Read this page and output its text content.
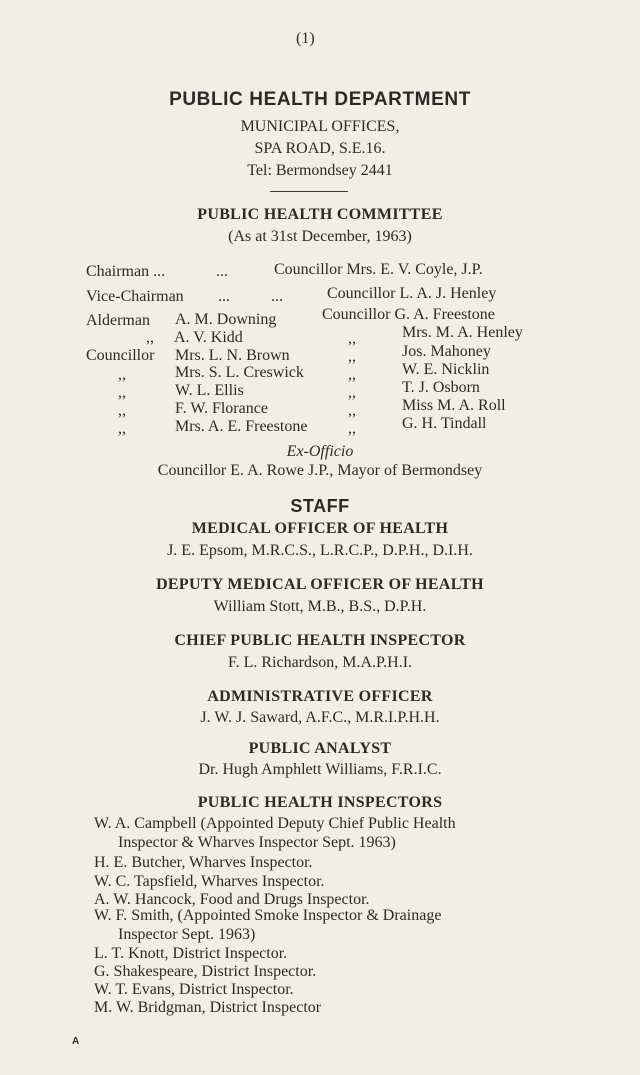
(1)
PUBLIC HEALTH DEPARTMENT
MUNICIPAL OFFICES,
SPA ROAD, S.E.16.
Tel: Bermondsey 2441
PUBLIC HEALTH COMMITTEE
(As at 31st December, 1963)
Chairman ...	...	Councillor Mrs. E. V. Coyle, J.P.
Vice-Chairman ...	...	Councillor L. A. J. Henley
Alderman A. M. Downing	Councillor G. A. Freestone
,, A. V. Kidd	,,	Mrs. M. A. Henley
Councillor Mrs. L. N. Brown	,,	Jos. Mahoney
,,	Mrs. S. L. Creswick	,,	W. E. Nicklin
,,	W. L. Ellis	,,	T. J. Osborn
,,	F. W. Florance	,,	Miss M. A. Roll
,,	Mrs. A. E. Freestone	,,	G. H. Tindall
Ex-Officio
Councillor E. A. Rowe J.P., Mayor of Bermondsey
STAFF
MEDICAL OFFICER OF HEALTH
J. E. Epsom, M.R.C.S., L.R.C.P., D.P.H., D.I.H.
DEPUTY MEDICAL OFFICER OF HEALTH
William Stott, M.B., B.S., D.P.H.
CHIEF PUBLIC HEALTH INSPECTOR
F. L. Richardson, M.A.P.H.I.
ADMINISTRATIVE OFFICER
J. W. J. Saward, A.F.C., M.R.I.P.H.H.
PUBLIC ANALYST
Dr. Hugh Amphlett Williams, F.R.I.C.
PUBLIC HEALTH INSPECTORS
W. A. Campbell (Appointed Deputy Chief Public Health
Inspector & Wharves Inspector Sept. 1963)
H. E. Butcher, Wharves Inspector.
W. C. Tapsfield, Wharves Inspector.
A. W. Hancock, Food and Drugs Inspector.
W. F. Smith, (Appointed Smoke Inspector & Drainage
Inspector Sept. 1963)
L. T. Knott, District Inspector.
G. Shakespeare, District Inspector.
W. T. Evans, District Inspector.
M. W. Bridgman, District Inspector
A
